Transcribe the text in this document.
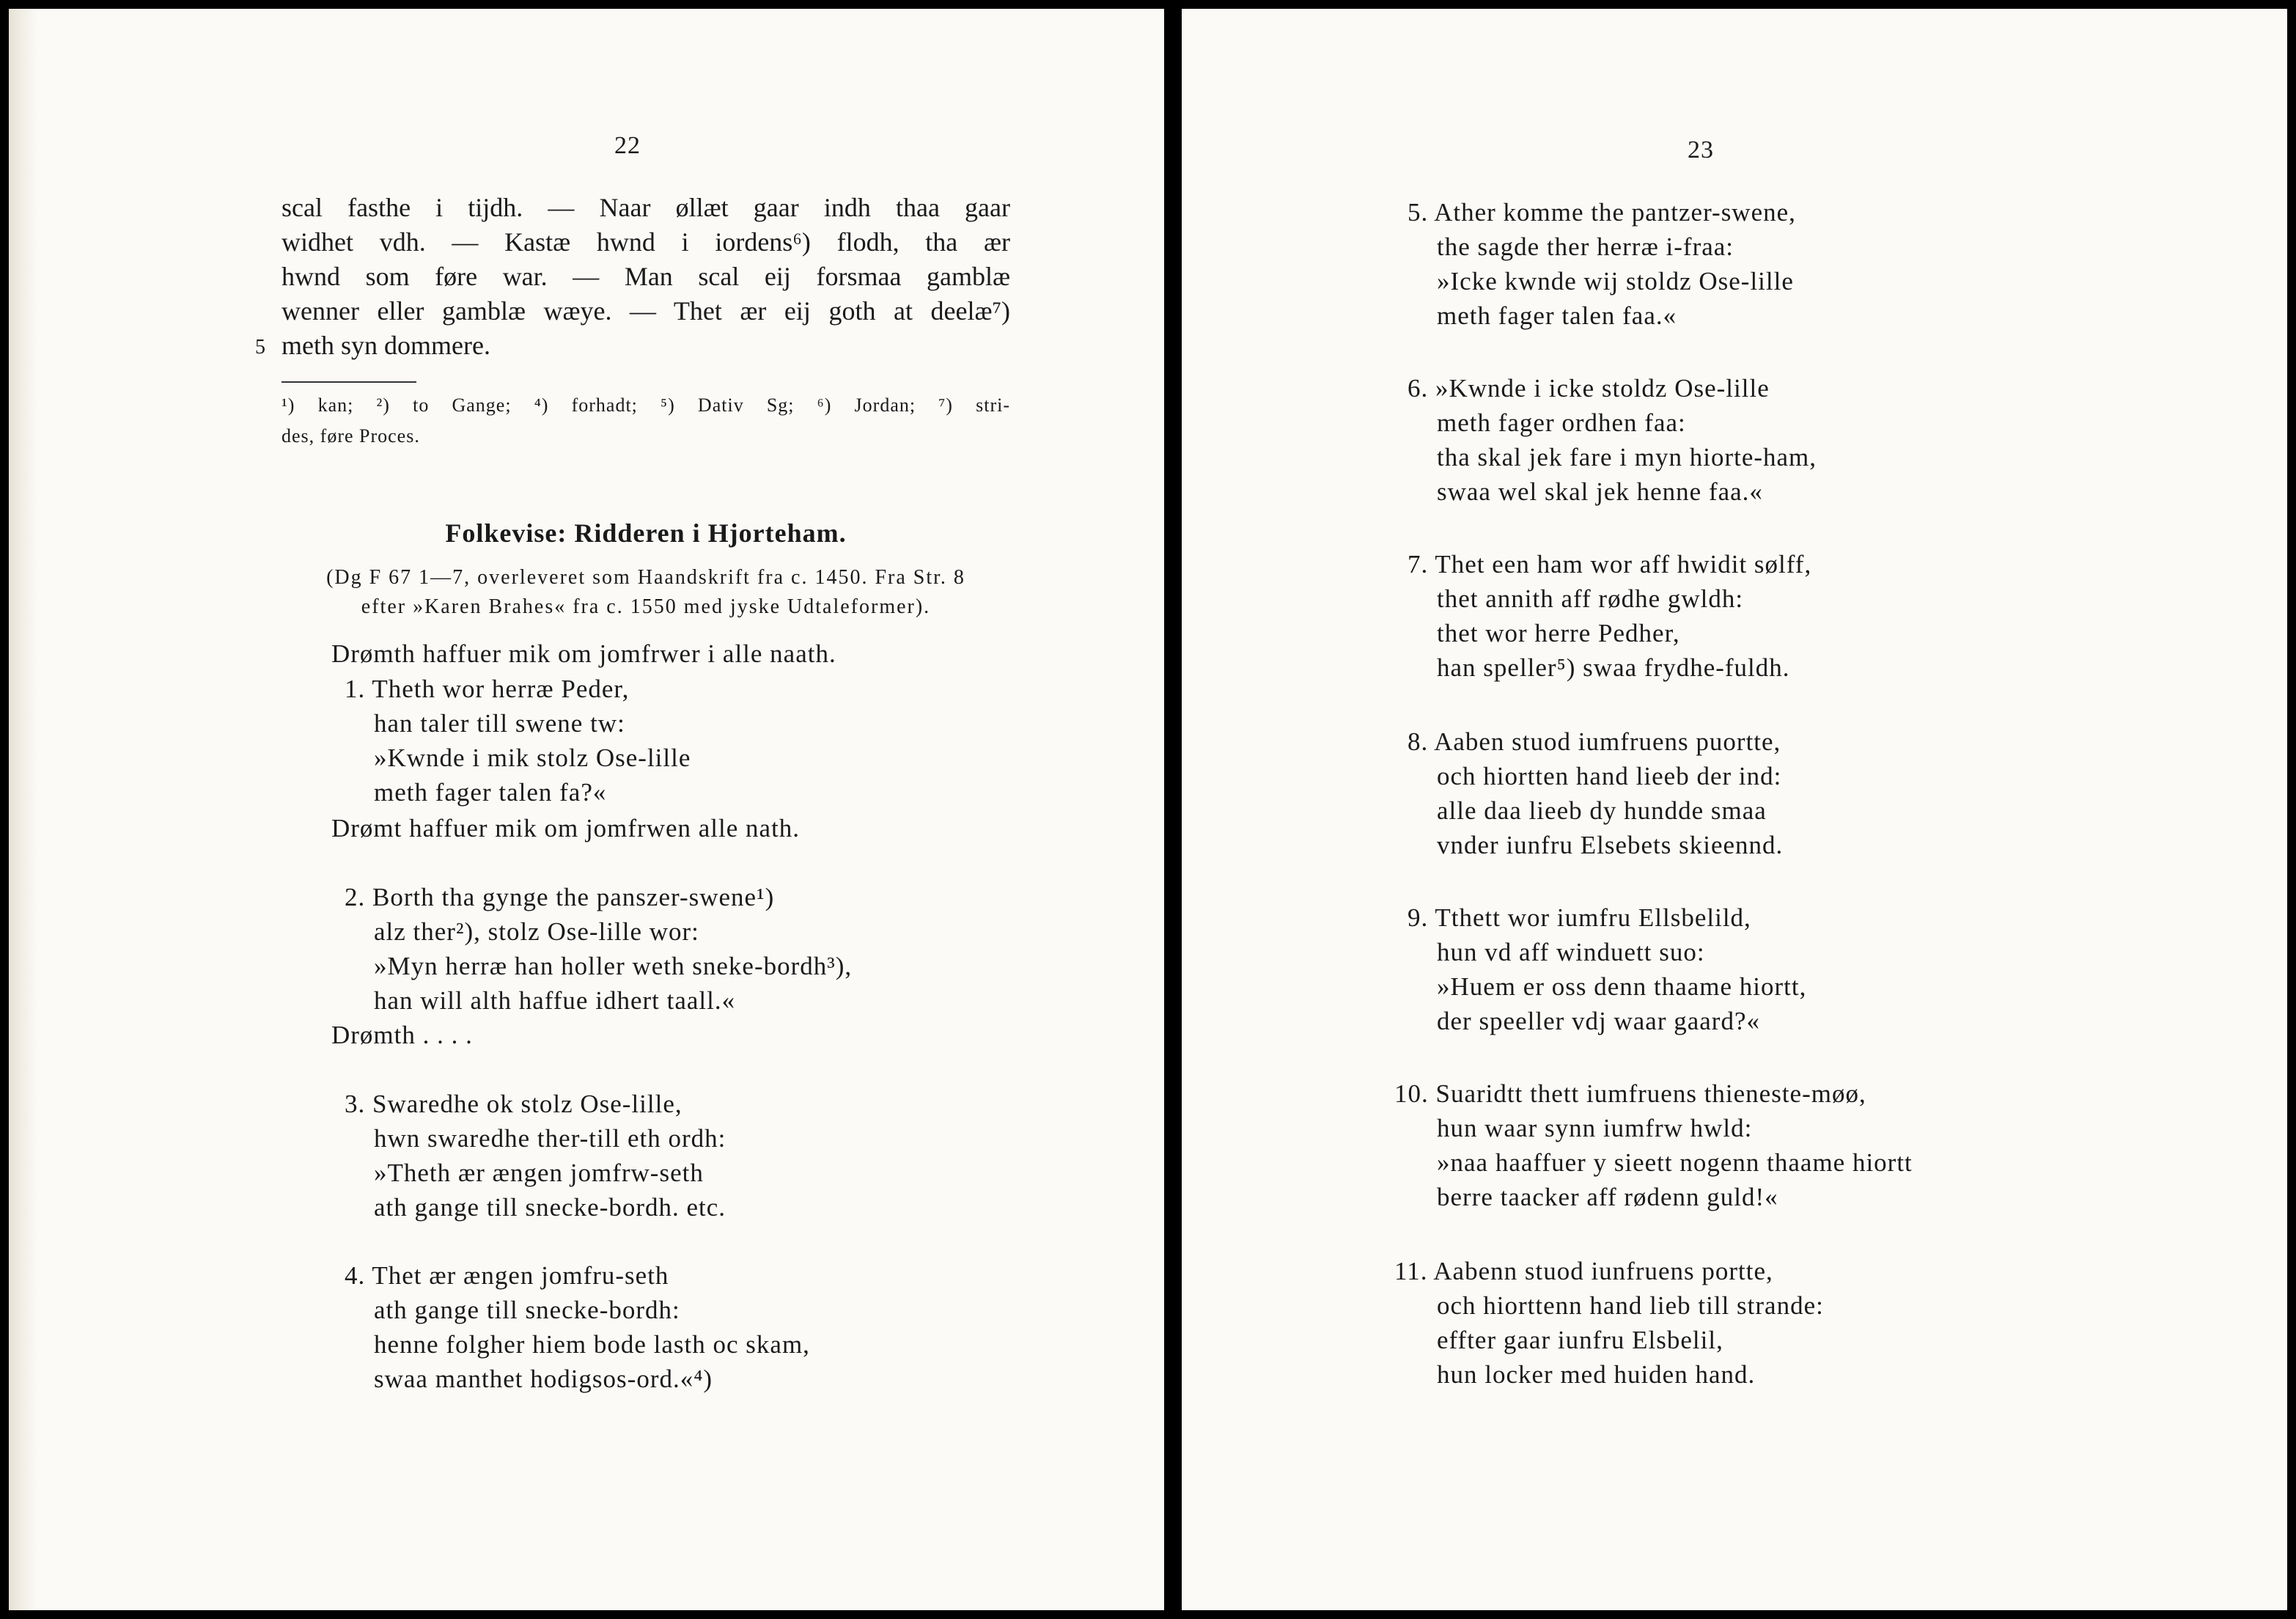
22
scal fasthe i tijdh. — Naar øllæt gaar indh thaa gaar
widhet vdh. — Kastæ hwnd i iordens⁶) flodh, tha ær
hwnd som føre war. — Man scal eij forsmaa gamblæ
wenner eller gamblæ wæye. — Thet ær eij goth at deelæ⁷)
meth syn dommere.
5
¹) kan; ²) to Gange; ⁴) forhadt; ⁵) Dativ Sg; ⁶) Jordan; ⁷) stri-
des, føre Proces.
Folkevise: Ridderen i Hjorteham.
(Dg F 67 1—7, overleveret som Haandskrift fra c. 1450. Fra Str. 8
efter »Karen Brahes« fra c. 1550 med jyske Udtaleformer).
Drømth haffuer mik om jomfrwer i alle naath.
1. Theth wor herræ Peder,
han taler till swene tw:
»Kwnde i mik stolz Ose-lille
meth fager talen fa?«
Drømt haffuer mik om jomfrwen alle nath.
2. Borth tha gynge the panszer-swene¹)
alz ther²), stolz Ose-lille wor:
»Myn herræ han holler weth sneke-bordh³),
han will alth haffue idhert taall.«
Drømth . . . .
3. Swaredhe ok stolz Ose-lille,
hwn swaredhe ther-till eth ordh:
»Theth ær ængen jomfrw-seth
ath gange till snecke-bordh. etc.
4. Thet ær ængen jomfru-seth
ath gange till snecke-bordh:
henne folgher hiem bode lasth oc skam,
swaa manthet hodigsos-ord.«⁴)
23
5. Ather komme the pantzer-swene,
the sagde ther herræ i-fraa:
»Icke kwnde wij stoldz Ose-lille
meth fager talen faa.«
6. »Kwnde i icke stoldz Ose-lille
meth fager ordhen faa:
tha skal jek fare i myn hiorte-ham,
swaa wel skal jek henne faa.«
7. Thet een ham wor aff hwidit sølff,
thet annith aff rødhe gwldh:
thet wor herre Pedher,
han speller⁵) swaa frydhe-fuldh.
8. Aaben stuod iumfruens puortte,
och hiortten hand lieeb der ind:
alle daa lieeb dy hundde smaa
vnder iunfru Elsebets skieennd.
9. Tthett wor iumfru Ellsbelild,
hun vd aff winduett suo:
»Huem er oss denn thaame hiortt,
der speeller vdj waar gaard?«
10. Suaridtt thett iumfruens thieneste-møø,
hun waar synn iumfrw hwld:
»naa haaffuer y sieett nogenn thaame hiortt
berre taacker aff rødenn guld!«
11. Aabenn stuod iunfruens portte,
och hiorttenn hand lieb till strande:
effter gaar iunfru Elsbelil,
hun locker med huiden hand.
